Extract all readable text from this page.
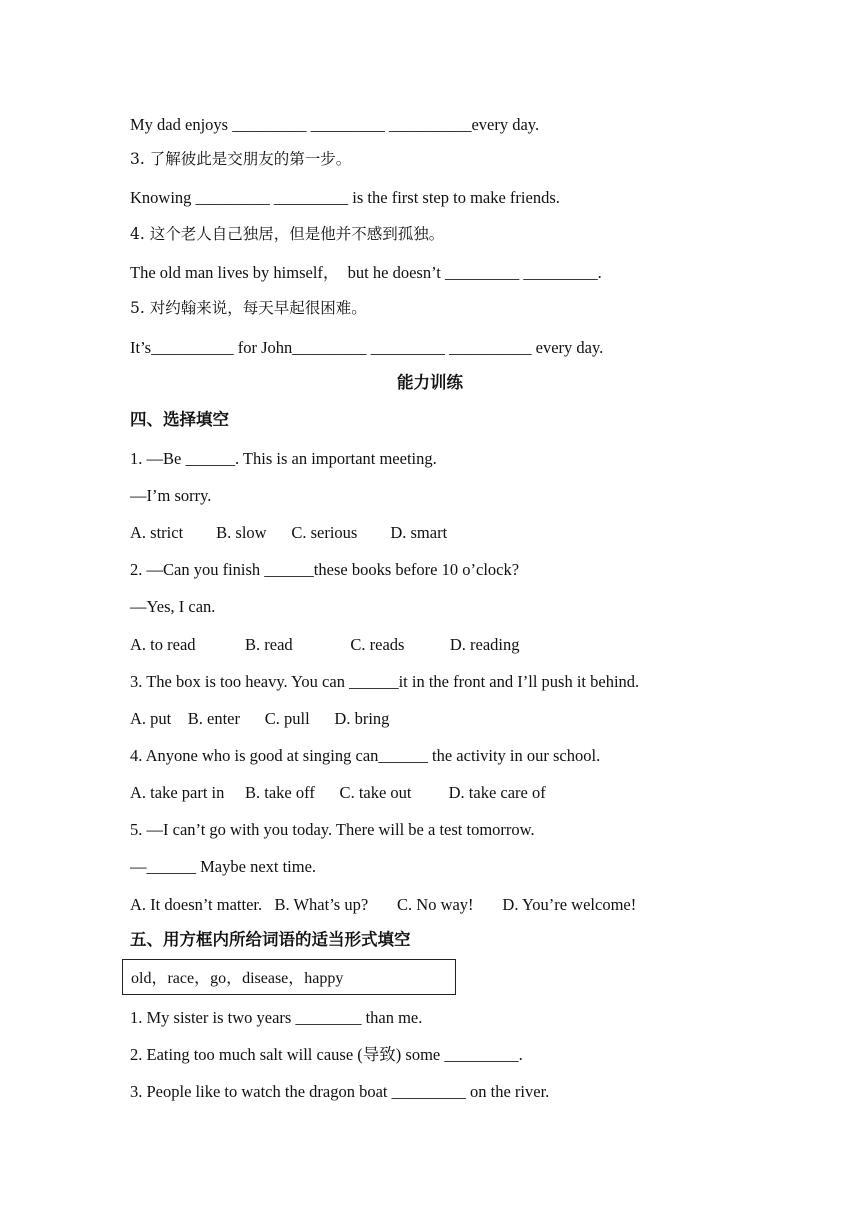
My dad enjoys _________ _________ __________every day.
3. 了解彼此是交朋友的第一步。
Knowing _________ _________ is the first step to make friends.
4. 这个老人自己独居，但是他并不感到孤独。
The old man lives by himself，  but he doesn’t _________ _________.
5. 对约翰来说，每天早起很困难。
It’s__________ for John_________ _________ __________ every day.
能力训练
四、选择填空
1. —Be ______. This is an important meeting.
—I’m sorry.
A. strict        B. slow      C. serious        D. smart
2. —Can you finish ______these books before 10 o’clock?
—Yes, I can.
A. to read            B. read              C. reads           D. reading
3. The box is too heavy. You can ______it in the front and I’ll push it behind.
A. put    B. enter      C. pull      D. bring
4. Anyone who is good at singing can______ the activity in our school.
A. take part in     B. take off      C. take out         D. take care of
5. —I can’t go with you today. There will be a test tomorrow.
—______ Maybe next time.
A. It doesn’t matter.   B. What’s up?       C. No way!       D. You’re welcome!
五、用方框内所给词语的适当形式填空
old，race，go，disease，happy
1. My sister is two years ________ than me.
2. Eating too much salt will cause (导致) some _________.
3. People like to watch the dragon boat _________ on the river.
